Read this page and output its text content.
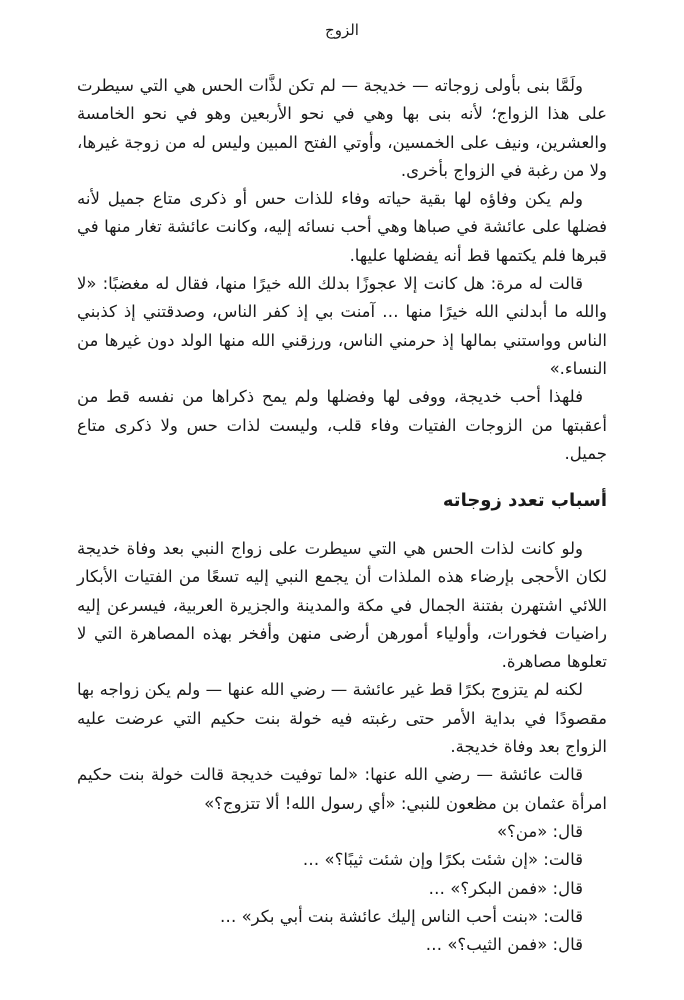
الزوج

ولَمَّا بنى بأولى زوجاته — خديجة — لم تكن لذَّات الحس هي التي سيطرت على هذا الزواج؛ لأنه بنى بها وهي في نحو الأربعين وهو في نحو الخامسة والعشرين، ونيف على الخمسين، وأوتي الفتح المبين وليس له من زوجة غيرها، ولا من رغبة في الزواج بأخرى.

ولم يكن وفاؤه لها بقية حياته وفاء للذات حس أو ذكرى متاع جميل لأنه فضلها على عائشة في صباها وهي أحب نسائه إليه، وكانت عائشة تغار منها في قبرها فلم يكتمها قط أنه يفضلها عليها.

قالت له مرة: هل كانت إلا عجوزًا بدلك الله خيرًا منها، فقال له مغضبًا: «لا والله ما أبدلني الله خيرًا منها … آمنت بي إذ كفر الناس، وصدقتني إذ كذبني الناس وواستني بمالها إذ حرمني الناس، ورزقني الله منها الولد دون غيرها من النساء.»

فلهذا أحب خديجة، ووفى لها وفضلها ولم يمح ذكراها من نفسه قط من أعقبتها من الزوجات الفتيات وفاء قلب، وليست لذات حس ولا ذكرى متاع جميل.

أسباب تعدد زوجاته

ولو كانت لذات الحس هي التي سيطرت على زواج النبي بعد وفاة خديجة لكان الأحجى بإرضاء هذه الملذات أن يجمع النبي إليه تسعًا من الفتيات الأبكار اللائي اشتهرن بفتنة الجمال في مكة والمدينة والجزيرة العربية، فيسرعن إليه راضيات فخورات، وأولياء أمورهن أرضى منهن وأفخر بهذه المصاهرة التي لا تعلوها مصاهرة.

لكنه لم يتزوج بكرًا قط غير عائشة — رضي الله عنها — ولم يكن زواجه بها مقصودًا في بداية الأمر حتى رغبته فيه خولة بنت حكيم التي عرضت عليه الزواج بعد وفاة خديجة.

قالت عائشة — رضي الله عنها: «لما توفيت خديجة قالت خولة بنت حكيم امرأة عثمان بن مظعون للنبي: «أي رسول الله! ألا تتزوج؟»

قال: «من؟»
قالت: «إن شئت بكرًا وإن شئت ثيبًا؟» …
قال: «فمن البكر؟» …
قالت: «بنت أحب الناس إليك عائشة بنت أبي بكر» …
قال: «فمن الثيب؟» …
